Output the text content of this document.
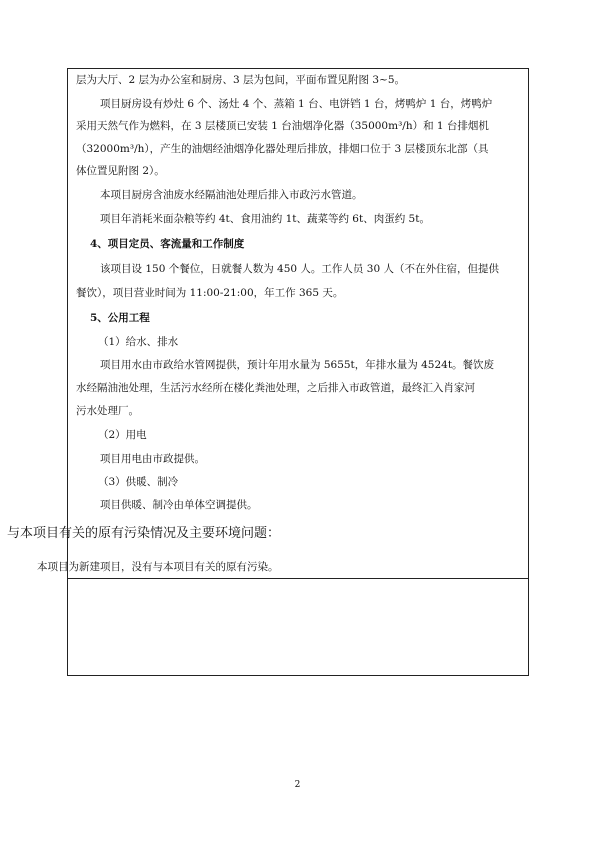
层为大厅、2 层为办公室和厨房、3 层为包间，平面布置见附图 3~5。
项目厨房设有炒灶 6 个、汤灶 4 个、蒸箱 1 台、电饼铛 1 台，烤鸭炉 1 台，烤鸭炉
采用天然气作为燃料，在 3 层楼顶已安装 1 台油烟净化器（35000m³/h）和 1 台排烟机
（32000m³/h），产生的油烟经油烟净化器处理后排放，排烟口位于 3 层楼顶东北部（具
体位置见附图 2）。
本项目厨房含油废水经隔油池处理后排入市政污水管道。
项目年消耗米面杂粮等约 4t、食用油约 1t、蔬菜等约 6t、肉蛋约 5t。
4、项目定员、客流量和工作制度
该项目设 150 个餐位，日就餐人数为 450 人。工作人员 30 人（不在外住宿，但提供
餐饮），项目营业时间为 11:00-21:00，年工作 365 天。
5、公用工程
（1）给水、排水
项目用水由市政给水管网提供，预计年用水量为 5655t，年排水量为 4524t。餐饮废
水经隔油池处理，生活污水经所在楼化粪池处理，之后排入市政管道，最终汇入肖家河
污水处理厂。
（2）用电
项目用电由市政提供。
（3）供暖、制冷
项目供暖、制冷由单体空调提供。
与本项目有关的原有污染情况及主要环境问题：
本项目为新建项目，没有与本项目有关的原有污染。
2
